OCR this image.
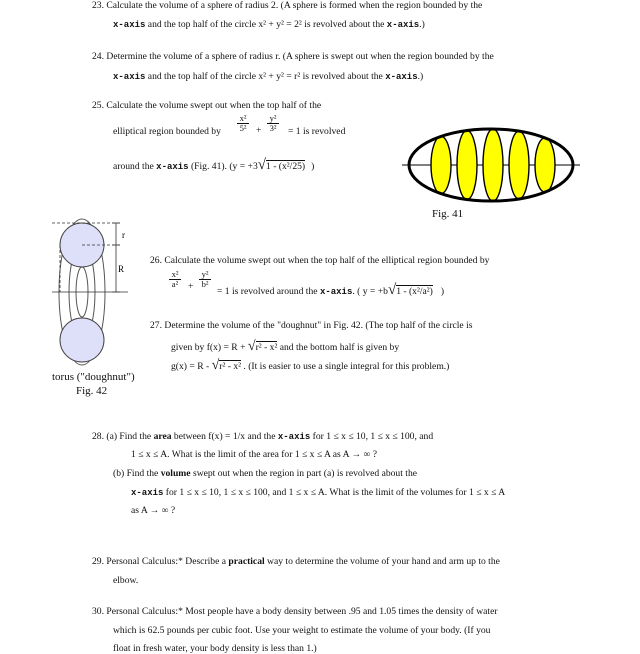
23. Calculate the volume of a sphere of radius 2. (A sphere is formed when the region bounded by the
x-axis and the top half of the circle x² + y² = 2² is revolved about the x-axis.)
24. Determine the volume of a sphere of radius r. (A sphere is swept out when the region bounded by the
x-axis and the top half of the circle x² + y² = r² is revolved about the x-axis.)
25. Calculate the volume swept out when the top half of the
elliptical region bounded by
x²
5² +
y²
3²	= 1 is revolved
around the x-axis (Fig. 41). (y = +3√1 - (x²/25) )
Fig. 41
r
R
torus ("doughnut")
Fig. 42
26. Calculate the volume swept out when the top half of the elliptical region bounded by
x²
a²	+
y²
b²
= 1 is revolved around the x-axis. ( y = +b√1 - (x²/a²) )
27. Determine the volume of the "doughnut" in Fig. 42. (The top half of the circle is
given by f(x) = R + √r² - x² and the bottom half is given by
g(x) = R - √r² - x² . (It is easier to use a single integral for this problem.)
28. (a) Find the area between f(x) = 1/x and the x-axis for 1 ≤ x ≤ 10, 1 ≤ x ≤ 100, and
1 ≤ x ≤ A. What is the limit of the area for 1 ≤ x ≤ A as A → ∞ ?
(b) Find the volume swept out when the region in part (a) is revolved about the
x-axis for 1 ≤ x ≤ 10, 1 ≤ x ≤ 100, and 1 ≤ x ≤ A. What is the limit of the volumes for 1 ≤ x ≤ A
as A → ∞ ?
29. Personal Calculus:* Describe a practical way to determine the volume of your hand and arm up to the
elbow.
30. Personal Calculus:* Most people have a body density between .95 and 1.05 times the density of water
which is 62.5 pounds per cubic foot. Use your weight to estimate the volume of your body. (If you
float in fresh water, your body density is less than 1.)
